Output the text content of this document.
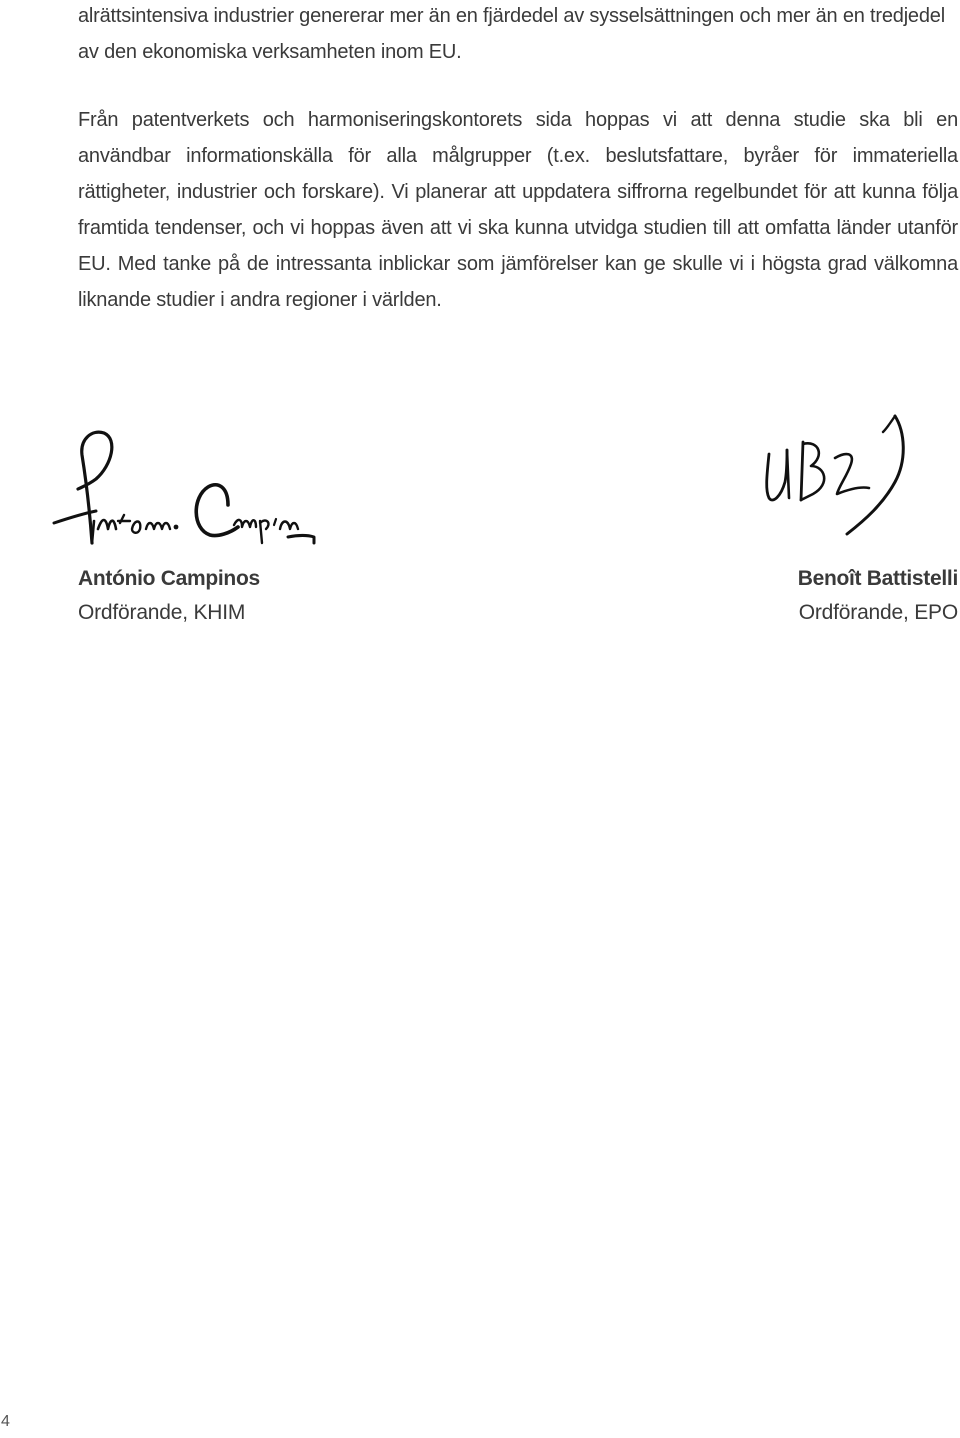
alrättsintensiva industrier genererar mer än en fjärdedel av sysselsättningen och mer än en tredjedel av den ekonomiska verksamheten inom EU.

Från patentverkets och harmoniseringskontorets sida hoppas vi att denna studie ska bli en användbar informationskälla för alla målgrupper (t.ex. beslutsfattare, byråer för immateriella rättigheter, industrier och forskare). Vi planerar att uppdatera siffrorna regelbundet för att kunna följa framtida tendenser, och vi hoppas även att vi ska kunna utvidga studien till att omfatta länder utanför EU. Med tanke på de intressanta inblickar som jämförelser kan ge skulle vi i högsta grad välkomna liknande studier i andra regioner i världen.

António Campinos
Ordförande, KHIM
Benoît Battistelli
Ordförande, EPO
4
